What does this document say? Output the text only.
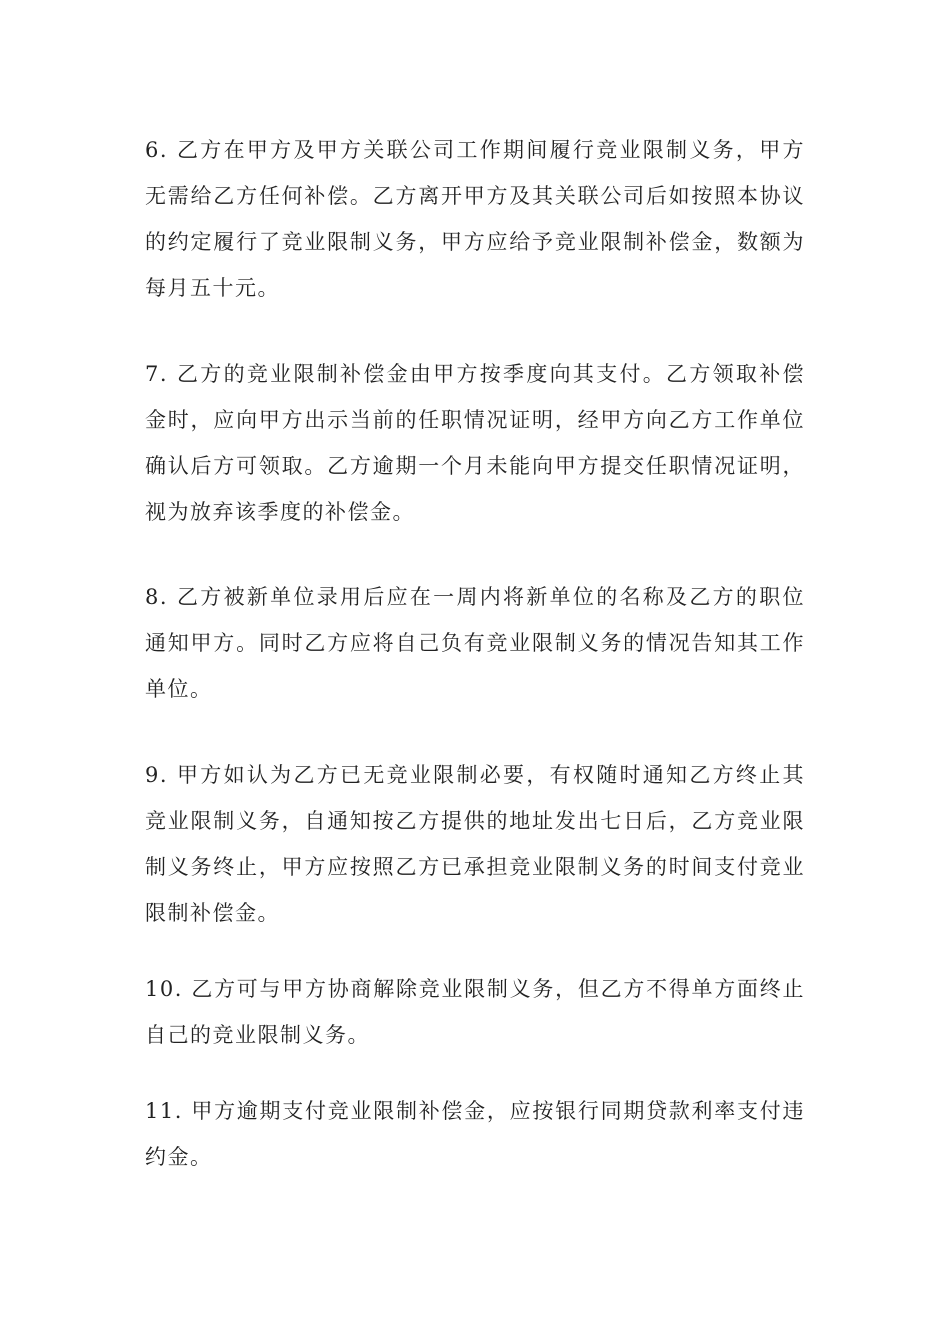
6. 乙方在甲方及甲方关联公司工作期间履行竞业限制义务，甲方无需给乙方任何补偿。乙方离开甲方及其关联公司后如按照本协议的约定履行了竞业限制义务，甲方应给予竞业限制补偿金，数额为每月五十元。

7. 乙方的竞业限制补偿金由甲方按季度向其支付。乙方领取补偿金时，应向甲方出示当前的任职情况证明，经甲方向乙方工作单位确认后方可领取。乙方逾期一个月未能向甲方提交任职情况证明，视为放弃该季度的补偿金。

8. 乙方被新单位录用后应在一周内将新单位的名称及乙方的职位通知甲方。同时乙方应将自己负有竞业限制义务的情况告知其工作单位。

9. 甲方如认为乙方已无竞业限制必要，有权随时通知乙方终止其竞业限制义务，自通知按乙方提供的地址发出七日后，乙方竞业限制义务终止，甲方应按照乙方已承担竞业限制义务的时间支付竞业限制补偿金。

10. 乙方可与甲方协商解除竞业限制义务，但乙方不得单方面终止自己的竞业限制义务。

11. 甲方逾期支付竞业限制补偿金，应按银行同期贷款利率支付违约金。
